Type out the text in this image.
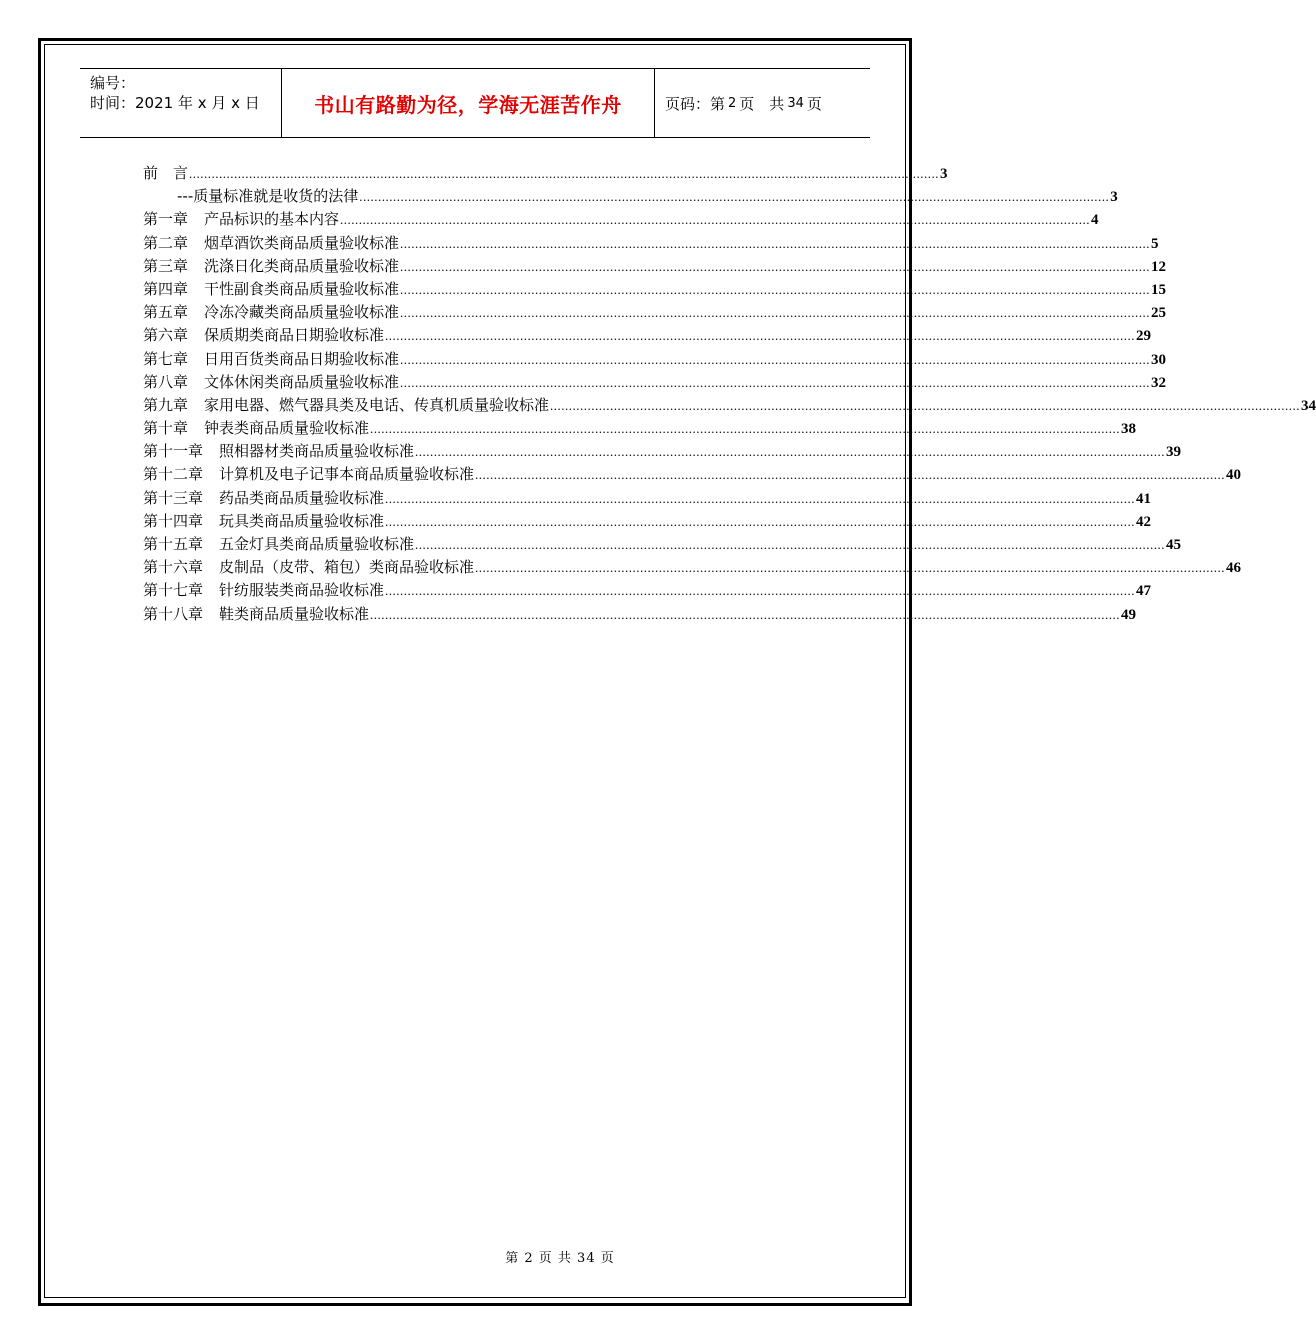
编号：
时间：2021 年 x 月 x 日	书山有路勤为径，学海无涯苦作舟	页码：第 2 页　共 34 页
前　言 ........................................................................................................................................................................................................ 3
---质量标准就是收货的法律 ........................................................................................................................................................................................................ 3
第一章 产品标识的基本内容 ........................................................................................................................................................................................................ 4
第二章 烟草酒饮类商品质量验收标准 ........................................................................................................................................................................................................ 5
第三章 洗涤日化类商品质量验收标准 ........................................................................................................................................................................................................ 12
第四章 干性副食类商品质量验收标准 ........................................................................................................................................................................................................ 15
第五章 冷冻冷藏类商品质量验收标准 ........................................................................................................................................................................................................ 25
第六章 保质期类商品日期验收标准 ........................................................................................................................................................................................................ 29
第七章 日用百货类商品日期验收标准 ........................................................................................................................................................................................................ 30
第八章 文体休闲类商品质量验收标准 ........................................................................................................................................................................................................ 32
第九章 家用电器、燃气器具类及电话、传真机质量验收标准 ........................................................................................................................................................................................................ 34
第十章 钟表类商品质量验收标准 ........................................................................................................................................................................................................ 38
第十一章 照相器材类商品质量验收标准 ........................................................................................................................................................................................................ 39
第十二章 计算机及电子记事本商品质量验收标准 ........................................................................................................................................................................................................ 40
第十三章 药品类商品质量验收标准 ........................................................................................................................................................................................................ 41
第十四章 玩具类商品质量验收标准 ........................................................................................................................................................................................................ 42
第十五章 五金灯具类商品质量验收标准 ........................................................................................................................................................................................................ 45
第十六章 皮制品（皮带、箱包）类商品验收标准 ........................................................................................................................................................................................................ 46
第十七章 针纺服装类商品验收标准 ........................................................................................................................................................................................................ 47
第十八章 鞋类商品质量验收标准 ........................................................................................................................................................................................................ 49
第 2 页 共 34 页
